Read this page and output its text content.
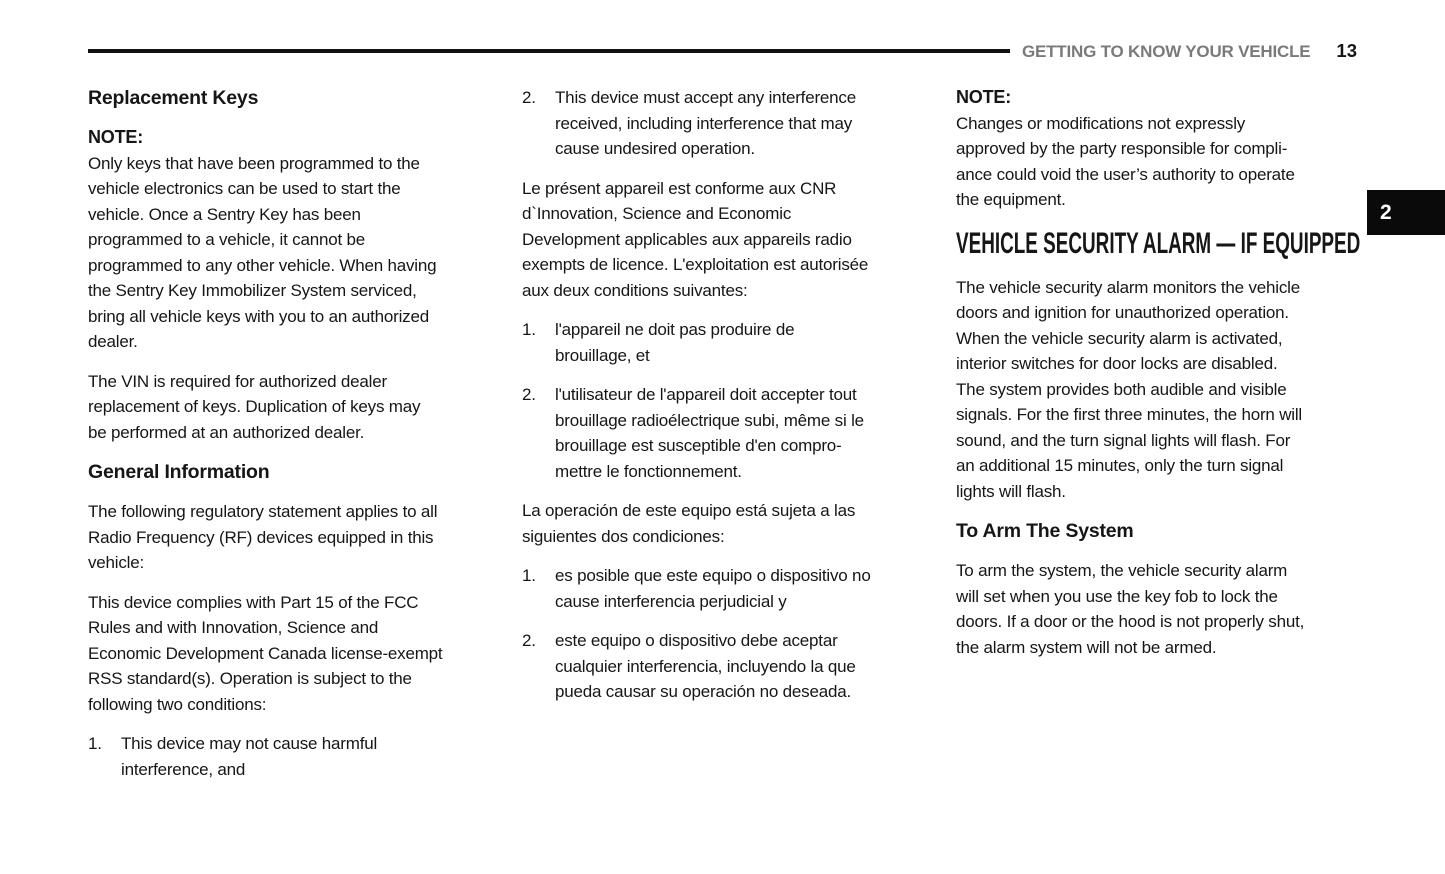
GETTING TO KNOW YOUR VEHICLE 13
2
Replacement Keys

NOTE:

Only keys that have been programmed to the
vehicle electronics can be used to start the
vehicle. Once a Sentry Key has been
programmed to a vehicle, it cannot be
programmed to any other vehicle. When having
the Sentry Key Immobilizer System serviced,
bring all vehicle keys with you to an authorized
dealer.

The VIN is required for authorized dealer
replacement of keys. Duplication of keys may
be performed at an authorized dealer.

General Information

The following regulatory statement applies to all
Radio Frequency (RF) devices equipped in this
vehicle:

This device complies with Part 15 of the FCC
Rules and with Innovation, Science and
Economic Development Canada license-exempt
RSS standard(s). Operation is subject to the
following two conditions:

1.	This device may not cause harmful
interference, and
2.	This device must accept any interference
received, including interference that may
cause undesired operation.

Le présent appareil est conforme aux CNR
d`Innovation, Science and Economic
Development applicables aux appareils radio
exempts de licence. L'exploitation est autorisée
aux deux conditions suivantes:

1.	l'appareil ne doit pas produire de
brouillage, et
2.	l'utilisateur de l'appareil doit accepter tout
brouillage radioélectrique subi, même si le
brouillage est susceptible d'en compro-
mettre le fonctionnement.

La operación de este equipo está sujeta a las
siguientes dos condiciones:

1.	es posible que este equipo o dispositivo no
cause interferencia perjudicial y
2.	este equipo o dispositivo debe aceptar
cualquier interferencia, incluyendo la que
pueda causar su operación no deseada.

NOTE:

Changes or modifications not expressly
approved by the party responsible for compli-
ance could void the user’s authority to operate
the equipment.

VEHICLE SECURITY ALARM — IF EQUIPPED

The vehicle security alarm monitors the vehicle
doors and ignition for unauthorized operation.
When the vehicle security alarm is activated,
interior switches for door locks are disabled.
The system provides both audible and visible
signals. For the first three minutes, the horn will
sound, and the turn signal lights will flash. For
an additional 15 minutes, only the turn signal
lights will flash.

To Arm The System

To arm the system, the vehicle security alarm
will set when you use the key fob to lock the
doors. If a door or the hood is not properly shut,
the alarm system will not be armed.
